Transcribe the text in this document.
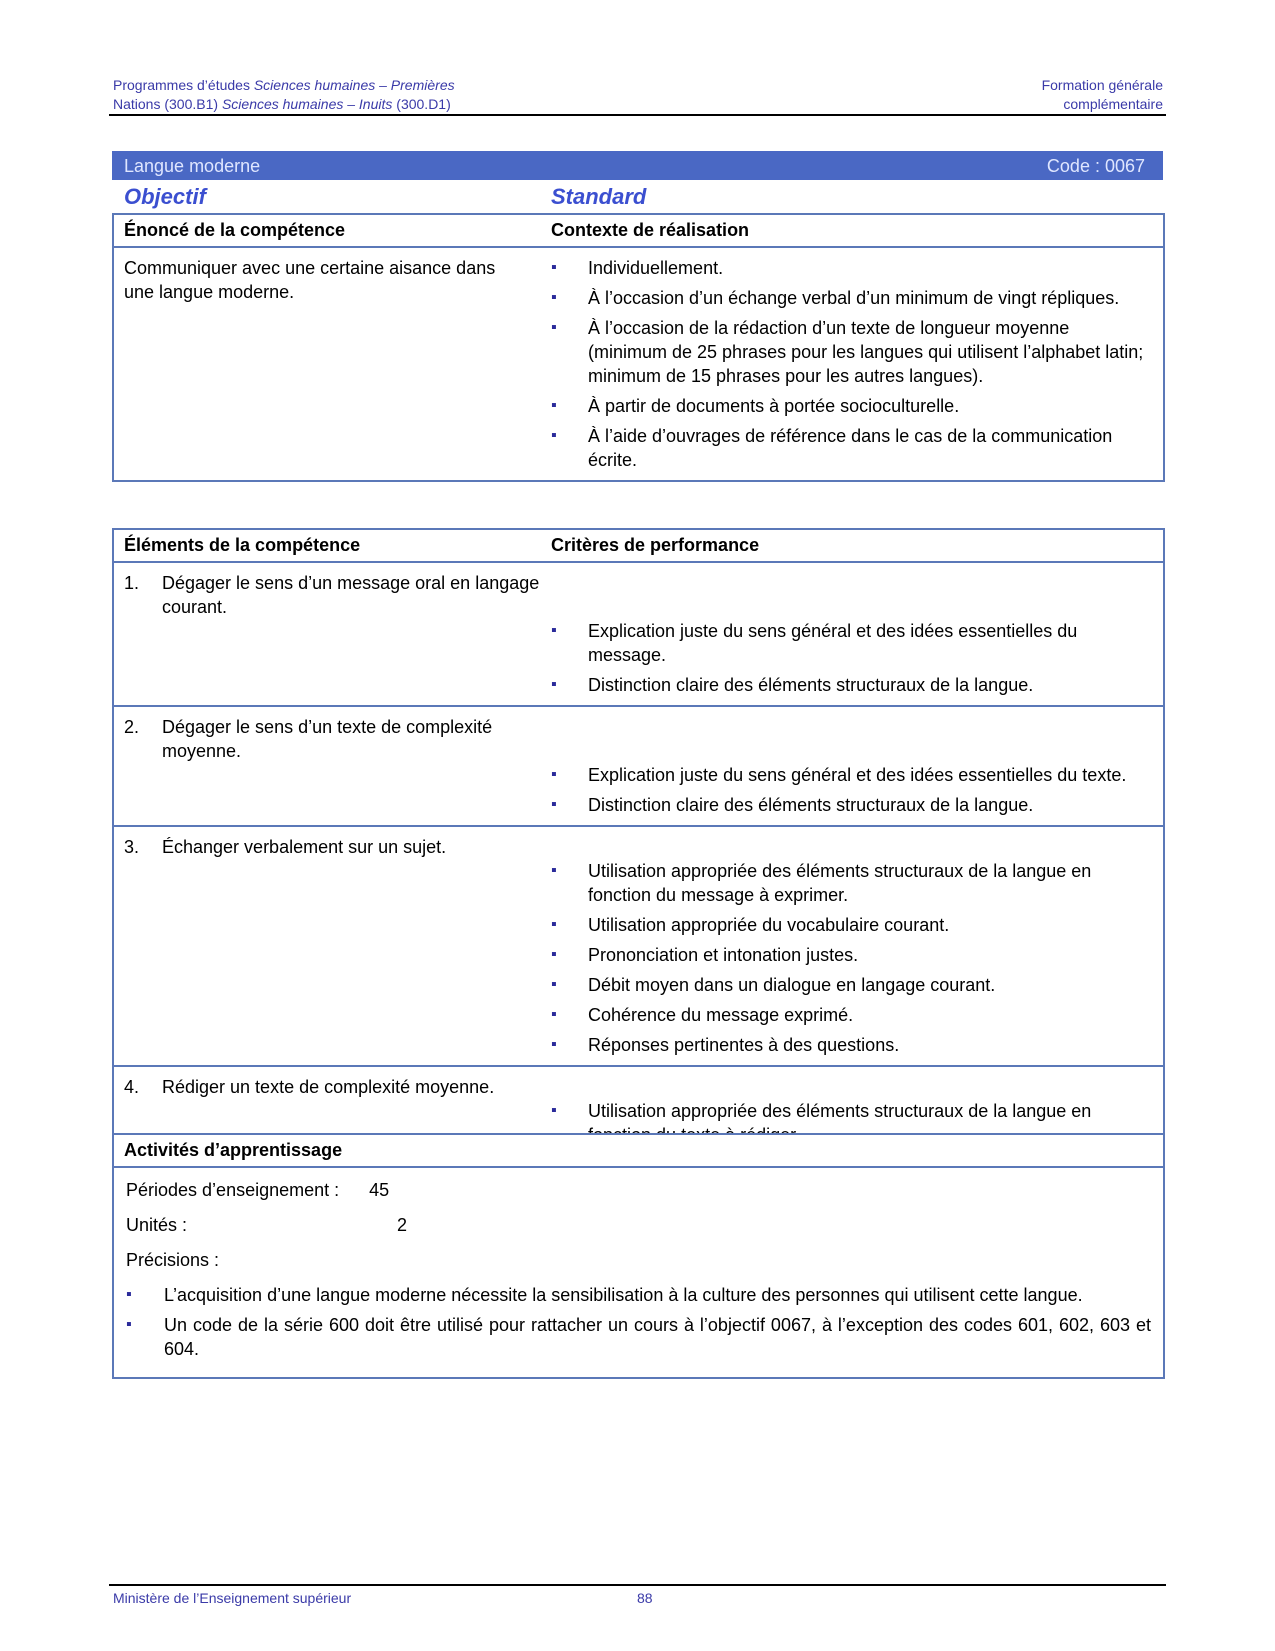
Programmes d’études Sciences humaines – Premières
Nations (300.B1) Sciences humaines – Inuits (300.D1)
Formation générale
complémentaire
Langue moderne	Code : 0067
Objectif	Standard
Énoncé de la compétence	Contexte de réalisation
Communiquer avec une certaine aisance dans une langue moderne.
▪ Individuellement.
▪ À l’occasion d’un échange verbal d’un minimum de vingt répliques.
▪ À l’occasion de la rédaction d’un texte de longueur moyenne (minimum de 25 phrases pour les langues qui utilisent l’alphabet latin; minimum de 15 phrases pour les autres langues).
▪ À partir de documents à portée socioculturelle.
▪ À l’aide d’ouvrages de référence dans le cas de la communication écrite.
Éléments de la compétence	Critères de performance
1. Dégager le sens d’un message oral en langage courant.
▪ Explication juste du sens général et des idées essentielles du message.
▪ Distinction claire des éléments structuraux de la langue.
2. Dégager le sens d’un texte de complexité moyenne.
▪ Explication juste du sens général et des idées essentielles du texte.
▪ Distinction claire des éléments structuraux de la langue.
3. Échanger verbalement sur un sujet.
▪ Utilisation appropriée des éléments structuraux de la langue en fonction du message à exprimer.
▪ Utilisation appropriée du vocabulaire courant.
▪ Prononciation et intonation justes.
▪ Débit moyen dans un dialogue en langage courant.
▪ Cohérence du message exprimé.
▪ Réponses pertinentes à des questions.
4. Rédiger un texte de complexité moyenne.
▪ Utilisation appropriée des éléments structuraux de la langue en
Activités d’apprentissage
Périodes d’enseignement : 45
Unités :	2
Précisions :
▪ L’acquisition d’une langue moderne nécessite la sensibilisation à la culture des personnes qui utilisent cette langue.
▪ Un code de la série 600 doit être utilisé pour rattacher un cours à l’objectif 0067, à l’exception des codes 601, 602, 603 et 604.
Ministère de l’Enseignement supérieur	88
